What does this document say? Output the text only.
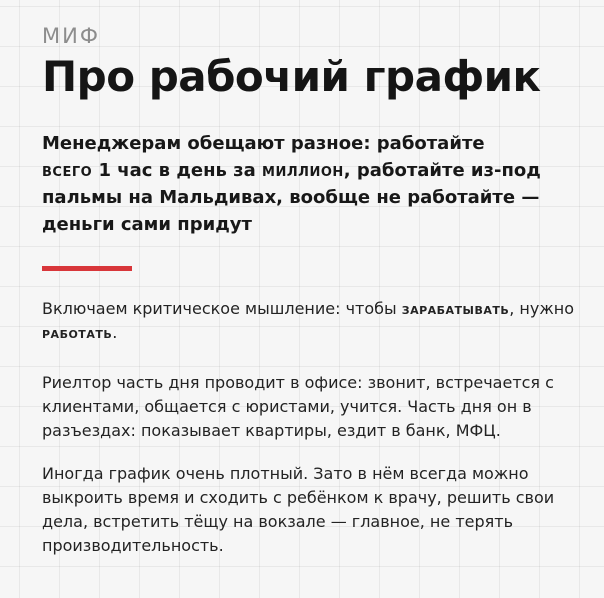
МИФ
Про рабочий график

Менеджерам обещают разное: работайте
всего 1 час в день за миллион, работайте из-под пальмы на Мальдивах, вообще не работайте — деньги сами придут

Включаем критическое мышление: чтобы зарабатывать, нужно работать.

Риелтор часть дня проводит в офисе: звонит, встречается с клиентами, общается с юристами, учится. Часть дня он в разъездах: показывает квартиры, ездит в банк, МФЦ.

Иногда график очень плотный. Зато в нём всегда можно выкроить время и сходить с ребёнком к врачу, решить свои дела, встретить тёщу на вокзале — главное, не терять производительность.
